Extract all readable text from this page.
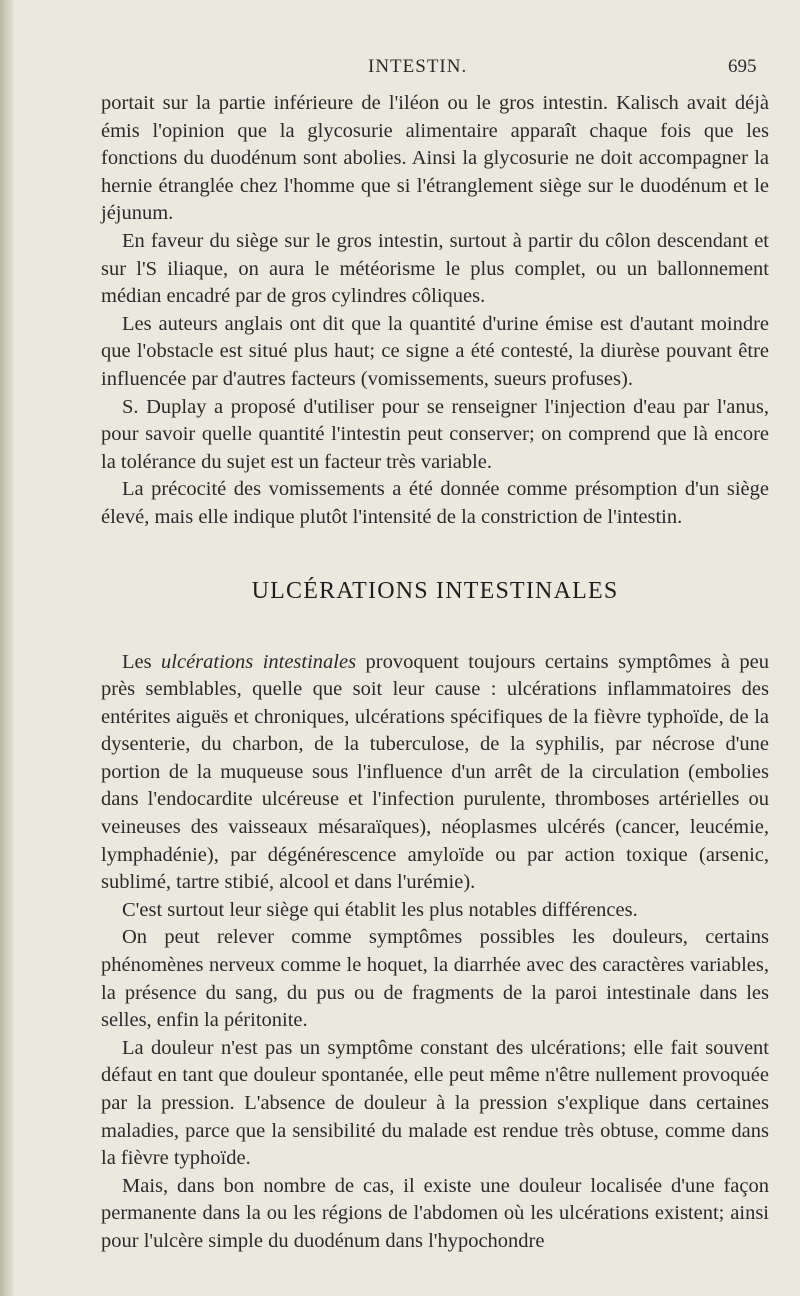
INTESTIN.	695

portait sur la partie inférieure de l'iléon ou le gros intestin. Kalisch avait déjà émis l'opinion que la glycosurie alimentaire apparaît chaque fois que les fonctions du duodénum sont abolies. Ainsi la glycosurie ne doit accompagner la hernie étranglée chez l'homme que si l'étranglement siège sur le duodénum et le jéjunum.

En faveur du siège sur le gros intestin, surtout à partir du côlon descendant et sur l'S iliaque, on aura le météorisme le plus complet, ou un ballonnement médian encadré par de gros cylindres côliques.

Les auteurs anglais ont dit que la quantité d'urine émise est d'autant moindre que l'obstacle est situé plus haut; ce signe a été contesté, la diurèse pouvant être influencée par d'autres facteurs (vomissements, sueurs profuses).

S. Duplay a proposé d'utiliser pour se renseigner l'injection d'eau par l'anus, pour savoir quelle quantité l'intestin peut conserver; on comprend que là encore la tolérance du sujet est un facteur très variable.

La précocité des vomissements a été donnée comme présomption d'un siège élevé, mais elle indique plutôt l'intensité de la constriction de l'intestin.

ULCÉRATIONS INTESTINALES

Les ulcérations intestinales provoquent toujours certains symptômes à peu près semblables, quelle que soit leur cause : ulcérations inflammatoires des entérites aiguës et chroniques, ulcérations spécifiques de la fièvre typhoïde, de la dysenterie, du charbon, de la tuberculose, de la syphilis, par nécrose d'une portion de la muqueuse sous l'influence d'un arrêt de la circulation (embolies dans l'endocardite ulcéreuse et l'infection purulente, thromboses artérielles ou veineuses des vaisseaux mésaraïques), néoplasmes ulcérés (cancer, leucémie, lymphadénie), par dégénérescence amyloïde ou par action toxique (arsenic, sublimé, tartre stibié, alcool et dans l'urémie).

C'est surtout leur siège qui établit les plus notables différences.

On peut relever comme symptômes possibles les douleurs, certains phénomènes nerveux comme le hoquet, la diarrhée avec des caractères variables, la présence du sang, du pus ou de fragments de la paroi intestinale dans les selles, enfin la péritonite.

La douleur n'est pas un symptôme constant des ulcérations; elle fait souvent défaut en tant que douleur spontanée, elle peut même n'être nullement provoquée par la pression. L'absence de douleur à la pression s'explique dans certaines maladies, parce que la sensibilité du malade est rendue très obtuse, comme dans la fièvre typhoïde.

Mais, dans bon nombre de cas, il existe une douleur localisée d'une façon permanente dans la ou les régions de l'abdomen où les ulcérations existent; ainsi pour l'ulcère simple du duodénum dans l'hypochondre
